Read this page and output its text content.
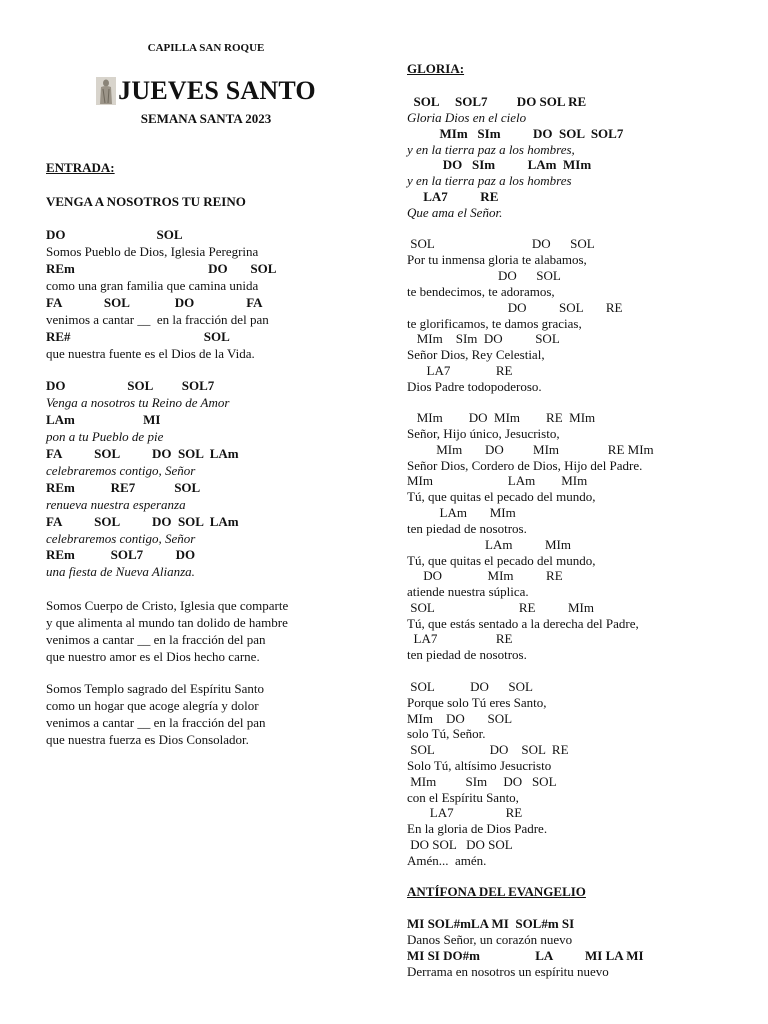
CAPILLA SAN ROQUE
JUEVES SANTO
SEMANA SANTA 2023
ENTRADA:
VENGA A NOSOTROS TU REINO
DO                            SOL
Somos Pueblo de Dios, Iglesia Peregrina
REm                                         DO       SOL
como una gran familia que camina unida
FA             SOL              DO                FA
venimos a cantar __  en la fracción del pan
RE#                                         SOL
que nuestra fuente es el Dios de la Vida.
DO                   SOL         SOL7
Venga a nosotros tu Reino de Amor
LAm                     MI
pon a tu Pueblo de pie
FA          SOL          DO  SOL  LAm
celebraremos contigo, Señor
REm           RE7            SOL
renueva nuestra esperanza
FA          SOL          DO  SOL  LAm
celebraremos contigo, Señor
REm           SOL7          DO
una fiesta de Nueva Alianza.
Somos Cuerpo de Cristo, Iglesia que comparte
y que alimenta al mundo tan dolido de hambre
venimos a cantar __ en la fracción del pan
que nuestro amor es el Dios hecho carne.
Somos Templo sagrado del Espíritu Santo
como un hogar que acoge alegría y dolor
venimos a cantar __ en la fracción del pan
que nuestra fuerza es Dios Consolador.
GLORIA:
SOL     SOL7         DO SOL RE
Gloria Dios en el cielo
MIm   SIm          DO  SOL  SOL7
y en la tierra paz a los hombres,
DO   SIm          LAm  MIm
y en la tierra paz a los hombres
LA7          RE
Que ama el Señor.
SOL                              DO      SOL
Por tu inmensa gloria te alabamos,
DO      SOL
te bendecimos, te adoramos,
DO          SOL       RE
te glorificamos, te damos gracias,
MIm    SIm  DO          SOL
Señor Dios, Rey Celestial,
LA7              RE
Dios Padre todopoderoso.
MIm        DO  MIm        RE  MIm
Señor, Hijo único, Jesucristo,
MIm       DO         MIm               RE MIm
Señor Dios, Cordero de Dios, Hijo del Padre.
MIm                       LAm        MIm
Tú, que quitas el pecado del mundo,
LAm       MIm
ten piedad de nosotros.
LAm          MIm
Tú, que quitas el pecado del mundo,
DO              MIm          RE
atiende nuestra súplica.
SOL                          RE          MIm
Tú, que estás sentado a la derecha del Padre,
LA7                  RE
ten piedad de nosotros.
SOL           DO      SOL
Porque solo Tú eres Santo,
MIm    DO       SOL
solo Tú, Señor.
SOL                 DO    SOL  RE
Solo Tú, altísimo Jesucristo
MIm         SIm     DO   SOL
con el Espíritu Santo,
LA7                RE
En la gloria de Dios Padre.
DO SOL   DO SOL
Amén...  amén.
ANTÍFONA DEL EVANGELIO
MI SOL#mLA MI  SOL#m SI
Danos Señor, un corazón nuevo
MI SI DO#m                 LA          MI LA MI
Derrama en nosotros un espíritu nuevo
